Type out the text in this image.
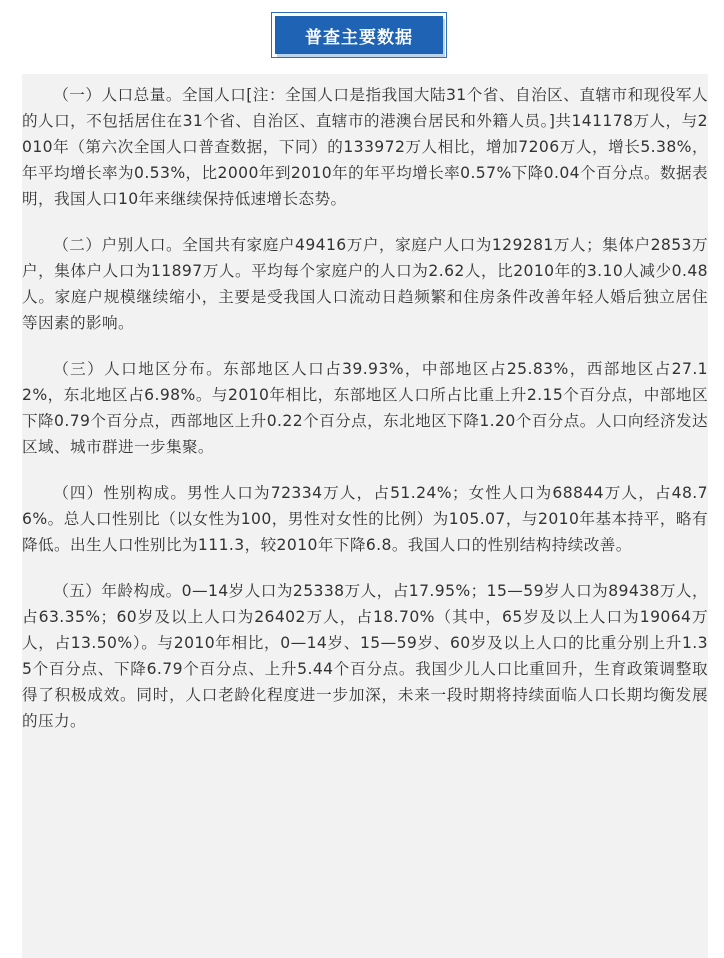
普查主要数据

（一）人口总量。全国人口[注：全国人口是指我国大陆31个省、自治区、直辖市和现役军人的人口，不包括居住在31个省、自治区、直辖市的港澳台居民和外籍人员。]共141178万人，与2010年（第六次全国人口普查数据，下同）的133972万人相比，增加7206万人，增长5.38%，年平均增长率为0.53%，比2000年到2010年的年平均增长率0.57%下降0.04个百分点。数据表明，我国人口10年来继续保持低速增长态势。

（二）户别人口。全国共有家庭户49416万户，家庭户人口为129281万人；集体户2853万户，集体户人口为11897万人。平均每个家庭户的人口为2.62人，比2010年的3.10人减少0.48人。家庭户规模继续缩小，主要是受我国人口流动日趋频繁和住房条件改善年轻人婚后独立居住等因素的影响。

（三）人口地区分布。东部地区人口占39.93%，中部地区占25.83%，西部地区占27.12%，东北地区占6.98%。与2010年相比，东部地区人口所占比重上升2.15个百分点，中部地区下降0.79个百分点，西部地区上升0.22个百分点，东北地区下降1.20个百分点。人口向经济发达区域、城市群进一步集聚。

（四）性别构成。男性人口为72334万人，占51.24%；女性人口为68844万人，占48.76%。总人口性别比（以女性为100，男性对女性的比例）为105.07，与2010年基本持平，略有降低。出生人口性别比为111.3，较2010年下降6.8。我国人口的性别结构持续改善。

（五）年龄构成。0—14岁人口为25338万人，占17.95%；15—59岁人口为89438万人，占63.35%；60岁及以上人口为26402万人，占18.70%（其中，65岁及以上人口为19064万人，占13.50%）。与2010年相比，0—14岁、15—59岁、60岁及以上人口的比重分别上升1.35个百分点、下降6.79个百分点、上升5.44个百分点。我国少儿人口比重回升，生育政策调整取得了积极成效。同时，人口老龄化程度进一步加深，未来一段时期将持续面临人口长期均衡发展的压力。
